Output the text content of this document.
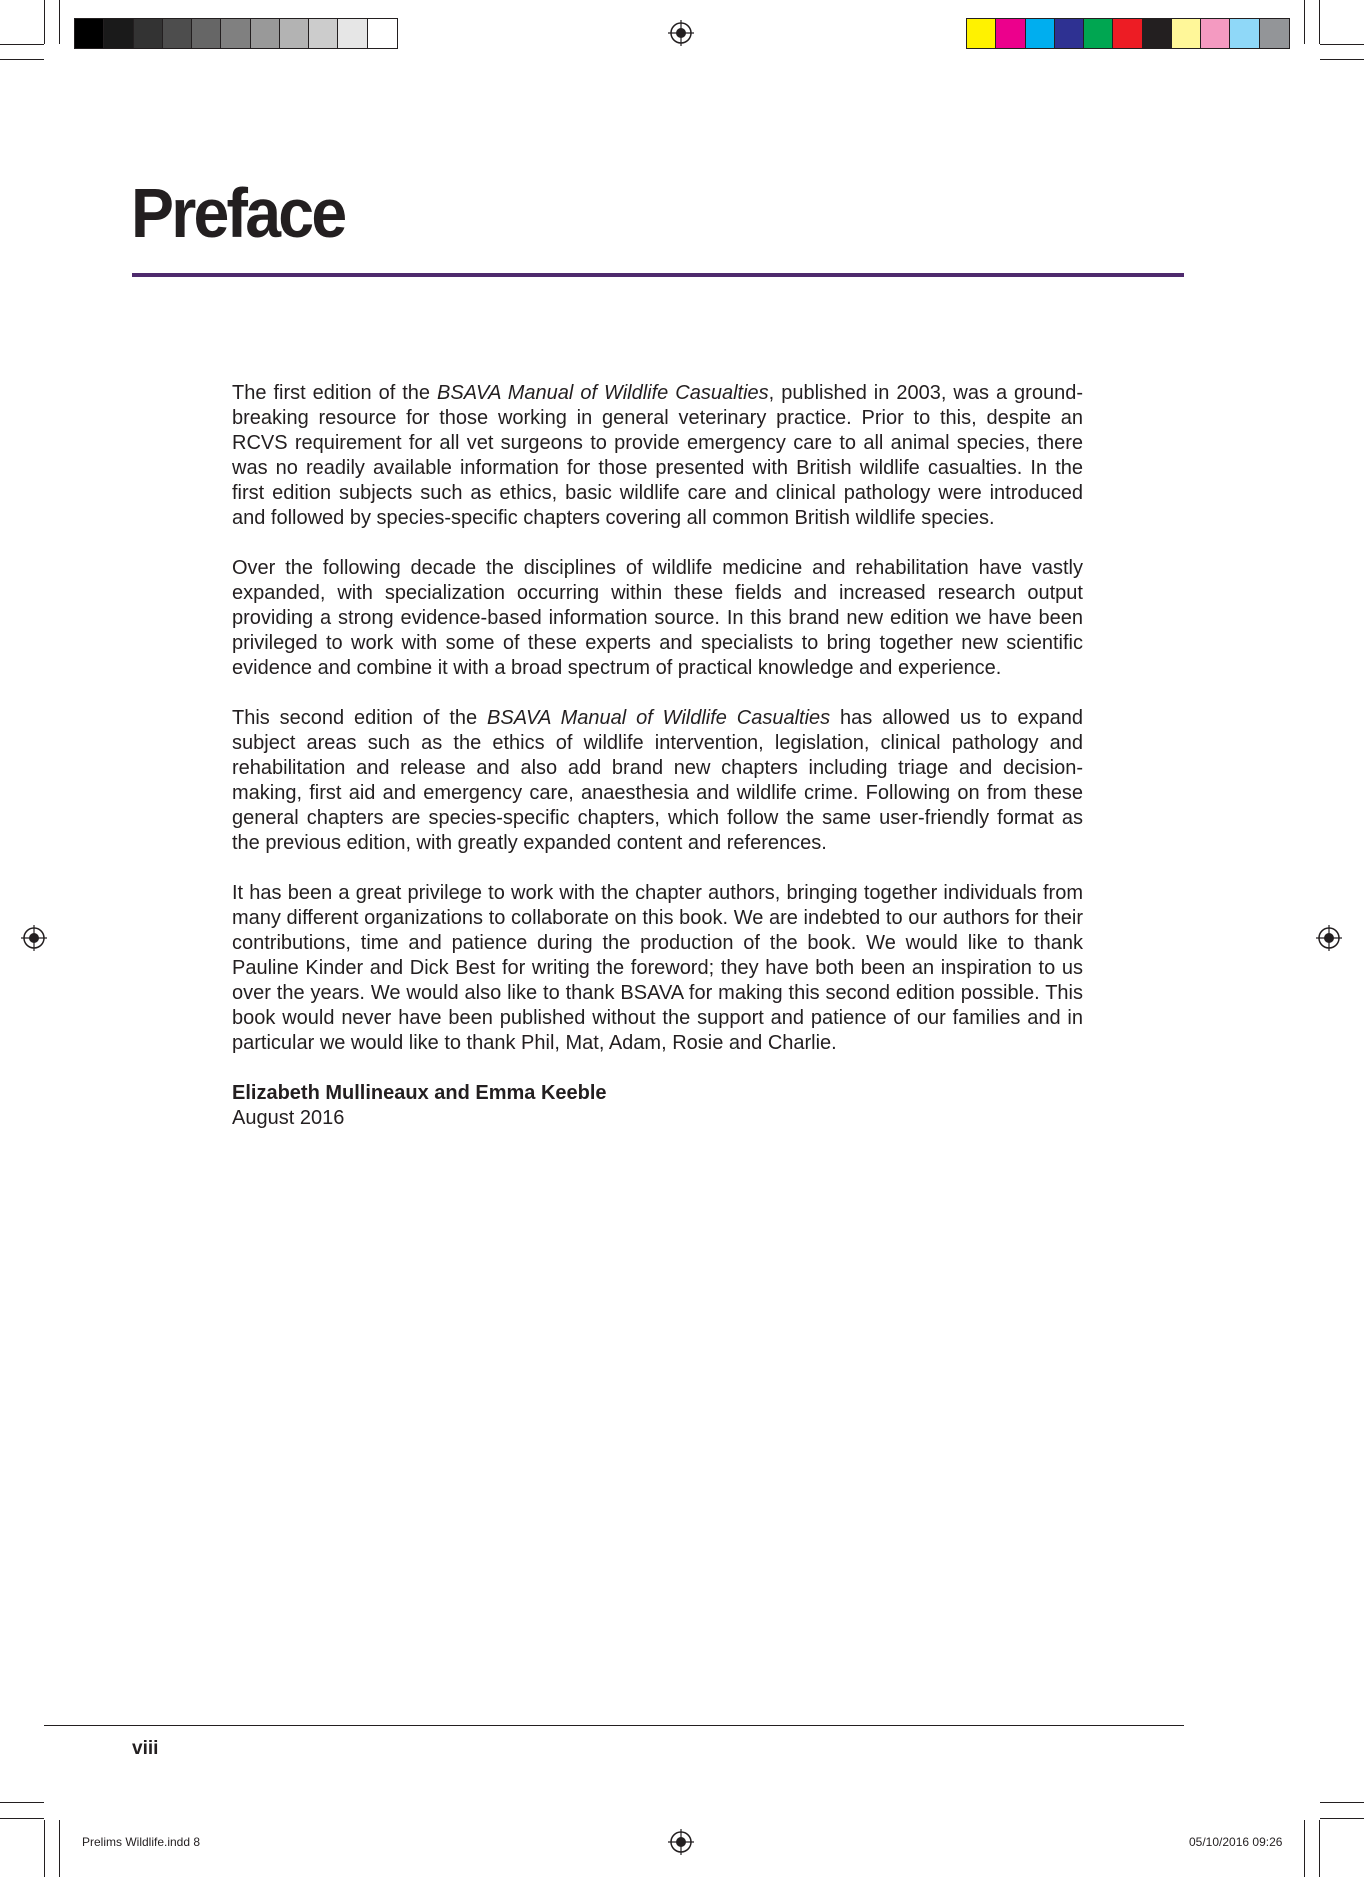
Preface

The first edition of the BSAVA Manual of Wildlife Casualties, published in 2003, was a ground-breaking resource for those working in general veterinary practice. Prior to this, despite an RCVS requirement for all vet surgeons to provide emergency care to all animal species, there was no readily available information for those presented with British wildlife casualties. In the first edition subjects such as ethics, basic wildlife care and clinical pathology were introduced and followed by species-specific chapters covering all common British wildlife species.

Over the following decade the disciplines of wildlife medicine and rehabilitation have vastly expanded, with specialization occurring within these fields and increased research output providing a strong evidence-based information source. In this brand new edition we have been privileged to work with some of these experts and specialists to bring together new scientific evidence and combine it with a broad spectrum of practical knowledge and experience.

This second edition of the BSAVA Manual of Wildlife Casualties has allowed us to expand subject areas such as the ethics of wildlife intervention, legislation, clinical pathology and rehabilitation and release and also add brand new chapters including triage and decision-making, first aid and emergency care, anaesthesia and wildlife crime. Following on from these general chapters are species-specific chapters, which follow the same user-friendly format as the previous edition, with greatly expanded content and references.

It has been a great privilege to work with the chapter authors, bringing together individuals from many different organizations to collaborate on this book. We are indebted to our authors for their contributions, time and patience during the production of the book. We would like to thank Pauline Kinder and Dick Best for writing the foreword; they have both been an inspiration to us over the years. We would also like to thank BSAVA for making this second edition possible. This book would never have been published without the support and patience of our families and in particular we would like to thank Phil, Mat, Adam, Rosie and Charlie.

Elizabeth Mullineaux and Emma Keeble
August 2016
viii
Prelims Wildlife.indd 8	05/10/2016 09:26
